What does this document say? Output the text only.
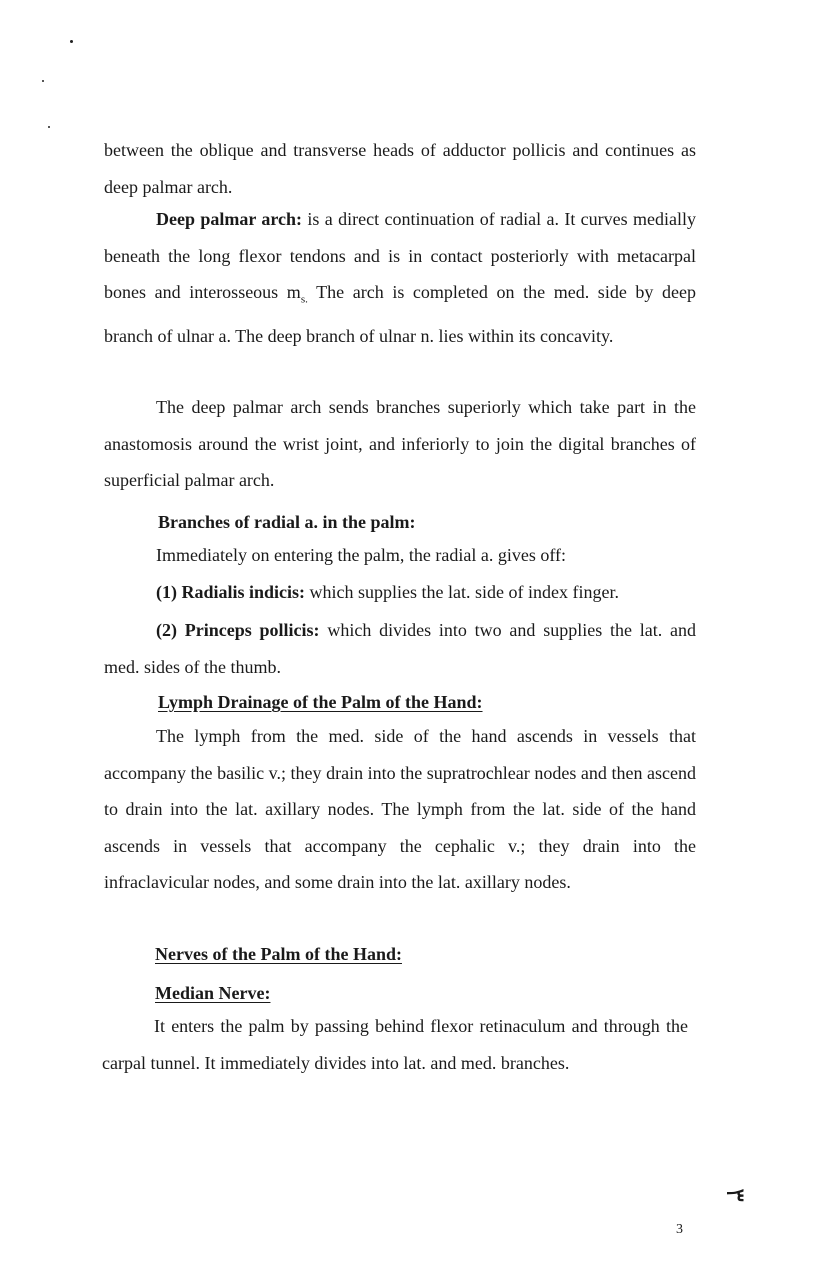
between the oblique and transverse heads of adductor pollicis and continues as deep palmar arch.

Deep palmar arch: is a direct continuation of radial a. It curves medially beneath the long flexor tendons and is in contact posteriorly with metacarpal bones and interosseous $m_{s.}$ The arch is completed on the med. side by deep branch of ulnar a. The deep branch of ulnar n. lies within its concavity.

The deep palmar arch sends branches superiorly which take part in the anastomosis around the wrist joint, and inferiorly to join the digital branches of superficial palmar arch.

Branches of radial a. in the palm:

Immediately on entering the palm, the radial a. gives off:

(1) Radialis indicis: which supplies the lat. side of index finger.

(2) Princeps pollicis: which divides into two and supplies the lat. and med. sides of the thumb.

Lymph Drainage of the Palm of the Hand:

The lymph from the med. side of the hand ascends in vessels that accompany the basilic v.; they drain into the supratrochlear nodes and then ascend to drain into the lat. axillary nodes. The lymph from the lat. side of the hand ascends in vessels that accompany the cephalic v.; they drain into the infraclavicular nodes, and some drain into the lat. axillary nodes.

Nerves of the Palm of the Hand:

Median Nerve:

It enters the palm by passing behind flexor retinaculum and through the carpal tunnel. It immediately divides into lat. and med. branches.

٣
3
